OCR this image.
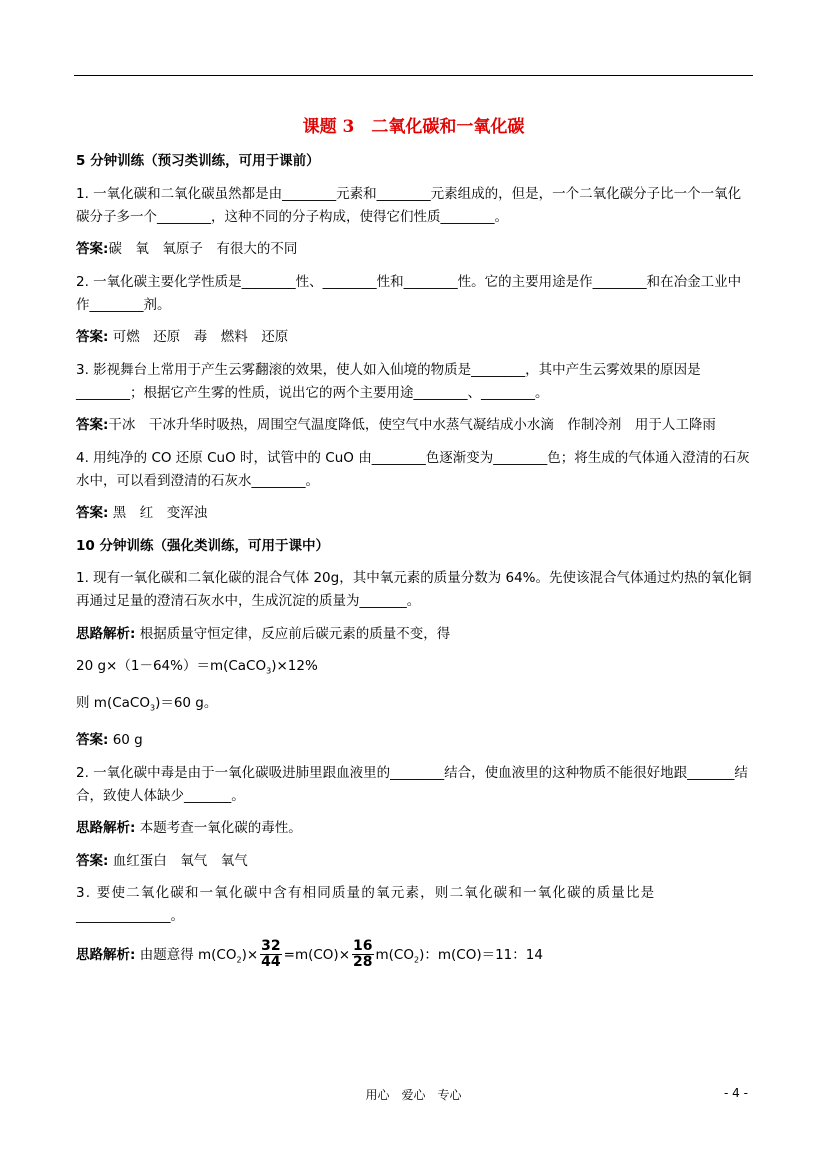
课题 3　二氧化碳和一氧化碳
5 分钟训练（预习类训练，可用于课前）
1. 一氧化碳和二氧化碳虽然都是由________元素和________元素组成的，但是，一个二氧化碳分子比一个一氧化碳分子多一个________，这种不同的分子构成，使得它们性质________。
答案:碳　氧　氧原子　有很大的不同
2. 一氧化碳主要化学性质是________性、________性和________性。它的主要用途是作________和在冶金工业中作________剂。
答案: 可燃　还原　毒　燃料　还原
3. 影视舞台上常用于产生云雾翻滚的效果，使人如入仙境的物质是________，其中产生云雾效果的原因是________；根据它产生雾的性质，说出它的两个主要用途________、________。
答案:干冰　干冰升华时吸热，周围空气温度降低，使空气中水蒸气凝结成小水滴　作制冷剂　用于人工降雨
4. 用纯净的 CO 还原 CuO 时，试管中的 CuO 由________色逐渐变为________色；将生成的气体通入澄清的石灰水中，可以看到澄清的石灰水________。
答案: 黑　红　变浑浊
10 分钟训练（强化类训练，可用于课中）
1. 现有一氧化碳和二氧化碳的混合气体 20g，其中氧元素的质量分数为 64%。先使该混合气体通过灼热的氧化铜再通过足量的澄清石灰水中，生成沉淀的质量为_______。
思路解析: 根据质量守恒定律，反应前后碳元素的质量不变，得
20 g×（1－64%）＝m(CaCO$_3$)×12%
则 m(CaCO$_3$)＝60 g。
答案: 60 g
2. 一氧化碳中毒是由于一氧化碳吸进肺里跟血液里的________结合，使血液里的这种物质不能很好地跟_______结合，致使人体缺少_______。
思路解析: 本题考查一氧化碳的毒性。
答案: 血红蛋白　氧气　氧气
3. 要使二氧化碳和一氧化碳中含有相同质量的氧元素，则二氧化碳和一氧化碳的质量比是
______________。
思路解析: 由题意得 $m(CO_2)\times \frac{32}{44} =m(CO)\times \frac{16}{28} m(CO_2)$：m(CO)＝11：14
用心　爱心　专心	- 4 -
